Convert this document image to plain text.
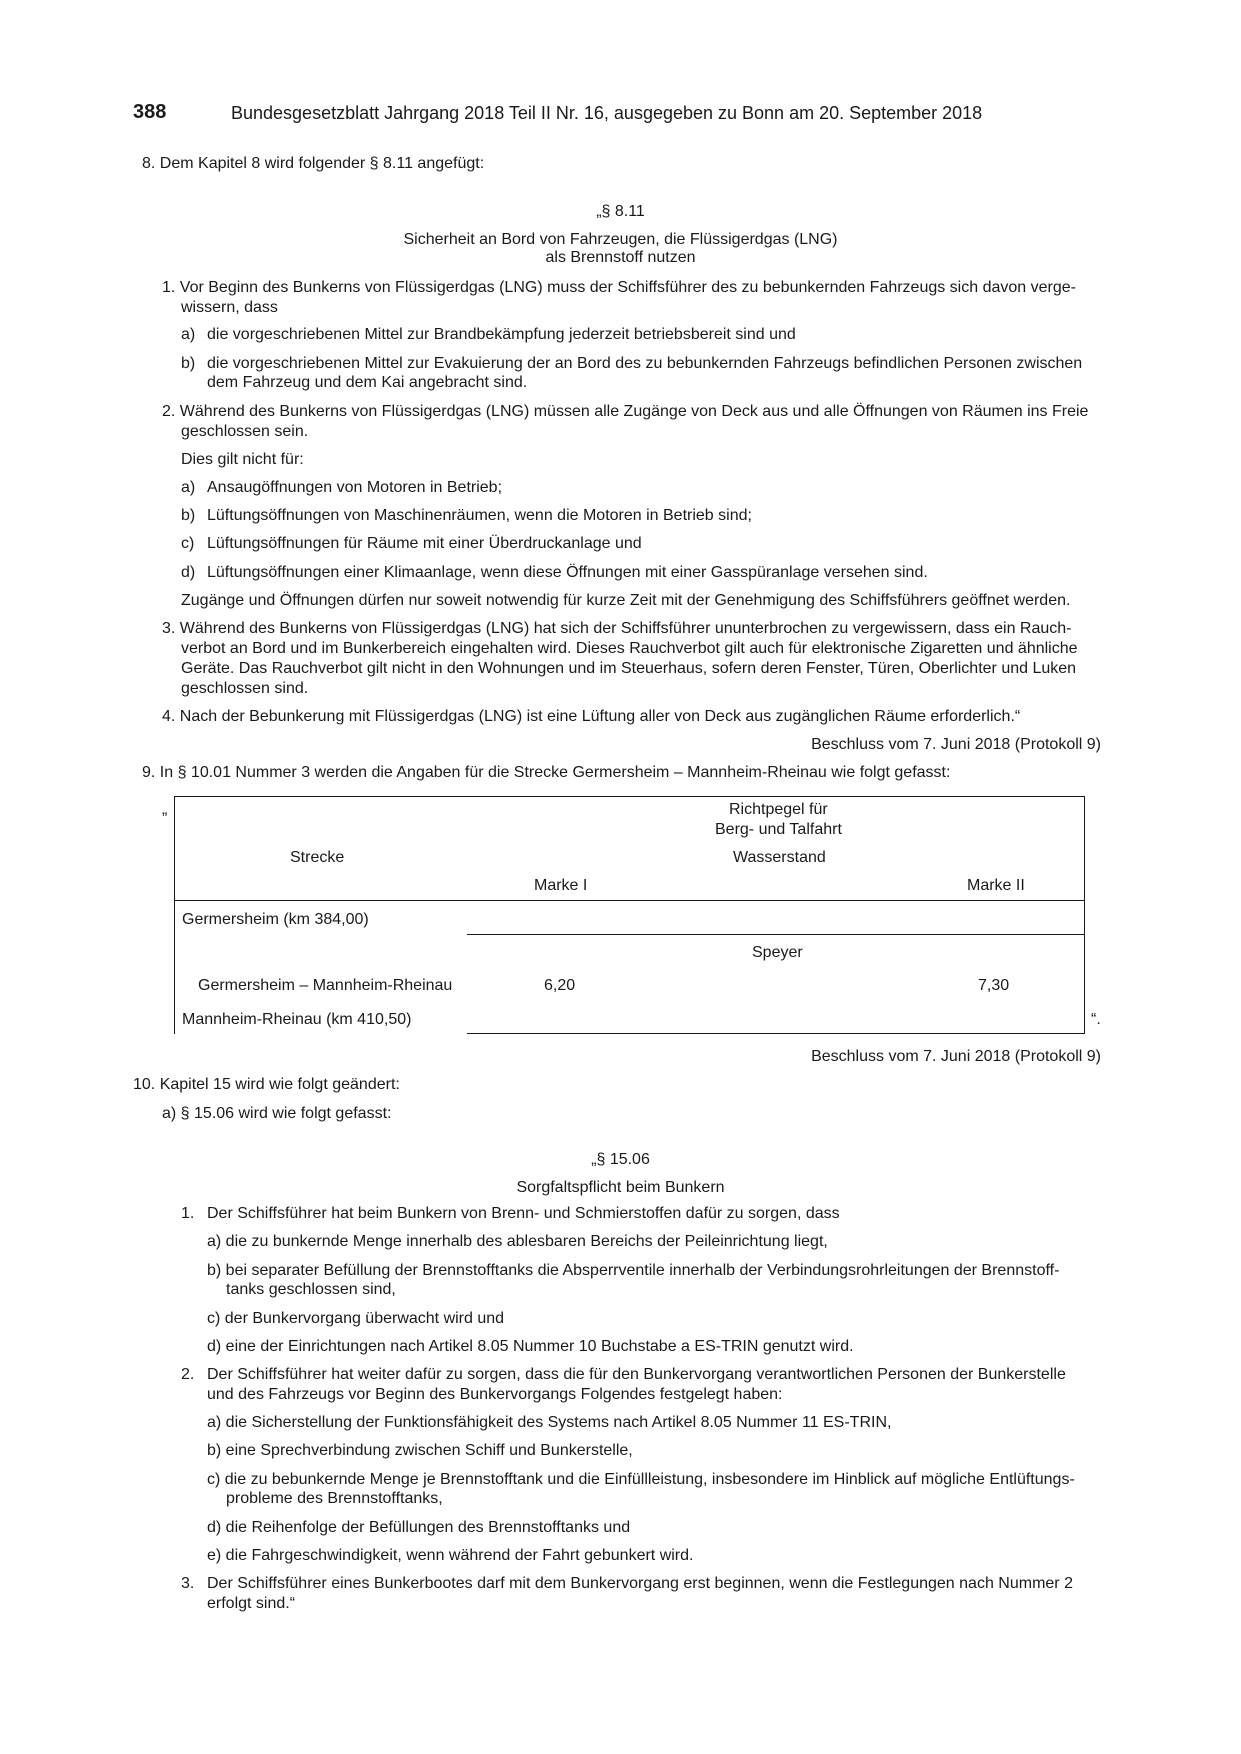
388	Bundesgesetzblatt Jahrgang 2018 Teil II Nr. 16, ausgegeben zu Bonn am 20. September 2018
8. Dem Kapitel 8 wird folgender § 8.11 angefügt:
„§ 8.11
Sicherheit an Bord von Fahrzeugen, die Flüssigerdgas (LNG)
als Brennstoff nutzen
1. Vor Beginn des Bunkerns von Flüssigerdgas (LNG) muss der Schiffsführer des zu bebunkernden Fahrzeugs sich davon verge-
wissern, dass
a) die vorgeschriebenen Mittel zur Brandbekämpfung jederzeit betriebsbereit sind und
b) die vorgeschriebenen Mittel zur Evakuierung der an Bord des zu bebunkernden Fahrzeugs befindlichen Personen zwischen
dem Fahrzeug und dem Kai angebracht sind.
2. Während des Bunkerns von Flüssigerdgas (LNG) müssen alle Zugänge von Deck aus und alle Öffnungen von Räumen ins Freie
geschlossen sein.
Dies gilt nicht für:
a) Ansaugöffnungen von Motoren in Betrieb;
b) Lüftungsöffnungen von Maschinenräumen, wenn die Motoren in Betrieb sind;
c) Lüftungsöffnungen für Räume mit einer Überdruckanlage und
d) Lüftungsöffnungen einer Klimaanlage, wenn diese Öffnungen mit einer Gasspüranlage versehen sind.
Zugänge und Öffnungen dürfen nur soweit notwendig für kurze Zeit mit der Genehmigung des Schiffsführers geöffnet werden.
3. Während des Bunkerns von Flüssigerdgas (LNG) hat sich der Schiffsführer ununterbrochen zu vergewissern, dass ein Rauch-
verbot an Bord und im Bunkerbereich eingehalten wird. Dieses Rauchverbot gilt auch für elektronische Zigaretten und ähnliche
Geräte. Das Rauchverbot gilt nicht in den Wohnungen und im Steuerhaus, sofern deren Fenster, Türen, Oberlichter und Luken
geschlossen sind.
4. Nach der Bebunkerung mit Flüssigerdgas (LNG) ist eine Lüftung aller von Deck aus zugänglichen Räume erforderlich.“
Beschluss vom 7. Juni 2018 (Protokoll 9)
9. In § 10.01 Nummer 3 werden die Angaben für die Strecke Germersheim – Mannheim-Rheinau wie folgt gefasst:
„	Richtpegel für
Berg- und Talfahrt
Strecke	Wasserstand
Marke I	Marke II
Germersheim (km 384,00)
Speyer
Germersheim – Mannheim-Rheinau	6,20	7,30
Mannheim-Rheinau (km 410,50)	“.
Beschluss vom 7. Juni 2018 (Protokoll 9)
10. Kapitel 15 wird wie folgt geändert:
a) § 15.06 wird wie folgt gefasst:
„§ 15.06
Sorgfaltspflicht beim Bunkern
1. Der Schiffsführer hat beim Bunkern von Brenn- und Schmierstoffen dafür zu sorgen, dass
a) die zu bunkernde Menge innerhalb des ablesbaren Bereichs der Peileinrichtung liegt,
b) bei separater Befüllung der Brennstofftanks die Absperrventile innerhalb der Verbindungsrohrleitungen der Brennstoff-
tanks geschlossen sind,
c) der Bunkervorgang überwacht wird und
d) eine der Einrichtungen nach Artikel 8.05 Nummer 10 Buchstabe a ES-TRIN genutzt wird.
2. Der Schiffsführer hat weiter dafür zu sorgen, dass die für den Bunkervorgang verantwortlichen Personen der Bunkerstelle
und des Fahrzeugs vor Beginn des Bunkervorgangs Folgendes festgelegt haben:
a) die Sicherstellung der Funktionsfähigkeit des Systems nach Artikel 8.05 Nummer 11 ES-TRIN,
b) eine Sprechverbindung zwischen Schiff und Bunkerstelle,
c) die zu bebunkernde Menge je Brennstofftank und die Einfüllleistung, insbesondere im Hinblick auf mögliche Entlüftungs-
probleme des Brennstofftanks,
d) die Reihenfolge der Befüllungen des Brennstofftanks und
e) die Fahrgeschwindigkeit, wenn während der Fahrt gebunkert wird.
3. Der Schiffsführer eines Bunkerbootes darf mit dem Bunkervorgang erst beginnen, wenn die Festlegungen nach Nummer 2
erfolgt sind.“
